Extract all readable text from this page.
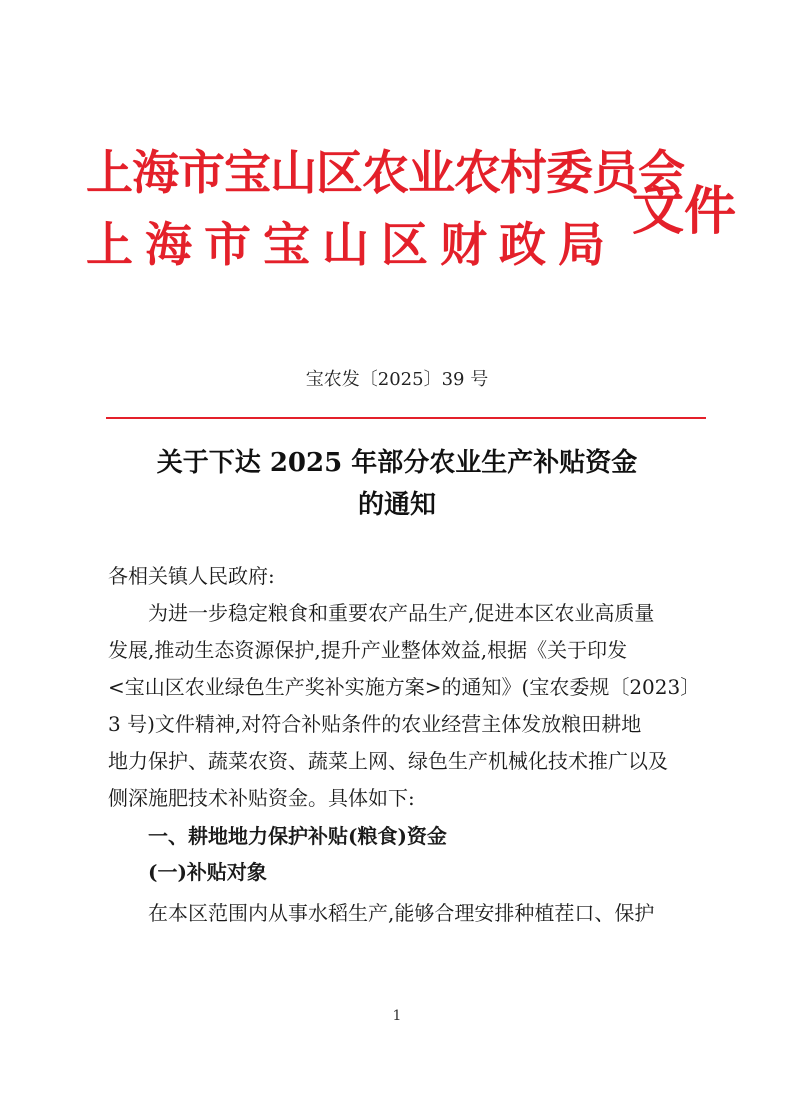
上海市宝山区农业农村委员会
上海市宝山区财政局
文件
宝农发〔2025〕39 号
关于下达 2025 年部分农业生产补贴资金
的通知
各相关镇人民政府:
为进一步稳定粮食和重要农产品生产,促进本区农业高质量
发展,推动生态资源保护,提升产业整体效益,根据《关于印发
<宝山区农业绿色生产奖补实施方案>的通知》(宝农委规〔2023〕
3 号)文件精神,对符合补贴条件的农业经营主体发放粮田耕地
地力保护、蔬菜农资、蔬菜上网、绿色生产机械化技术推广以及
侧深施肥技术补贴资金。具体如下:
一、耕地地力保护补贴(粮食)资金
(一)补贴对象
在本区范围内从事水稻生产,能够合理安排种植茬口、保护
1
